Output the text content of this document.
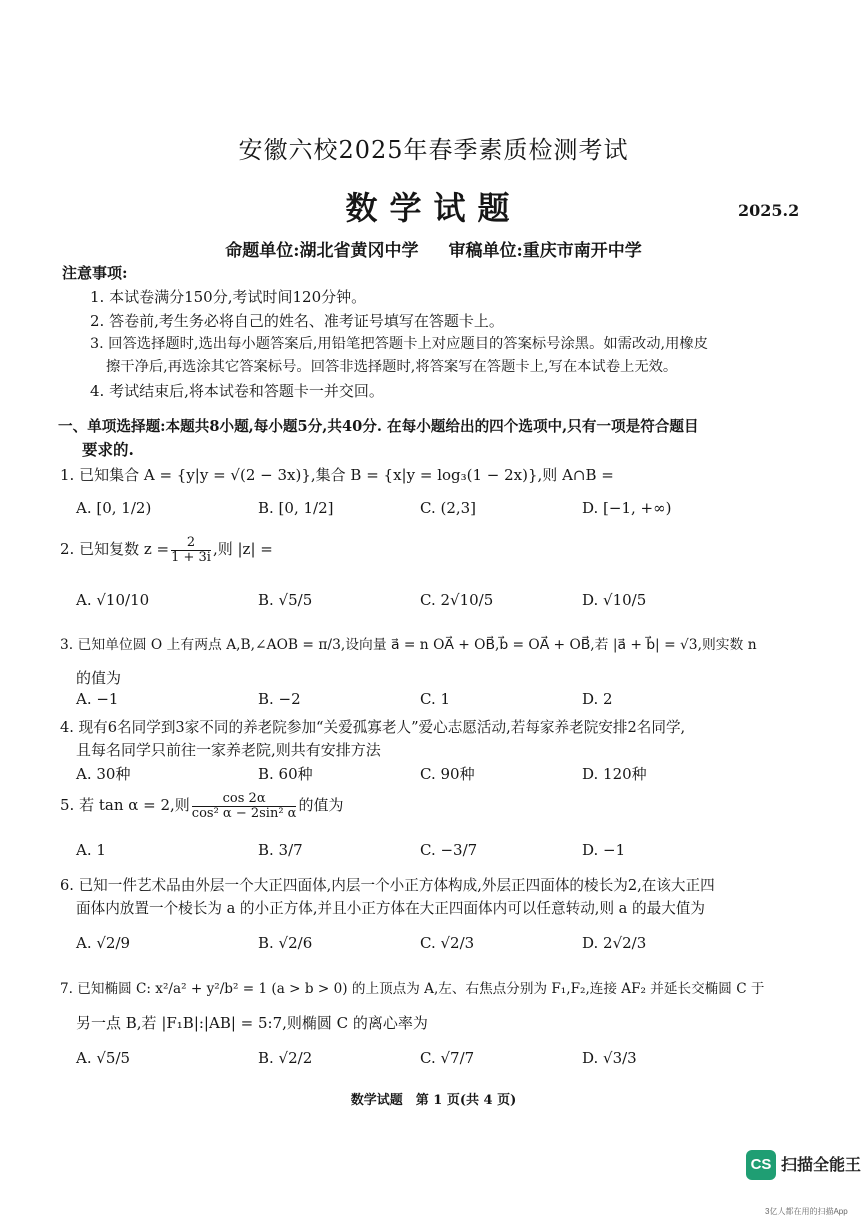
安徽六校2025年春季素质检测考试
数学试题	2025.2
命题单位:湖北省黄冈中学 审稿单位:重庆市南开中学
注意事项:
1. 本试卷满分150分,考试时间120分钟。
2. 答卷前,考生务必将自己的姓名、准考证号填写在答题卡上。
3. 回答选择题时,选出每小题答案后,用铅笔把答题卡上对应题目的答案标号涂黑。如需改动,用橡皮
擦干净后,再选涂其它答案标号。回答非选择题时,将答案写在答题卡上,写在本试卷上无效。
4. 考试结束后,将本试卷和答题卡一并交回。
一、单项选择题:本题共8小题,每小题5分,共40分. 在每小题给出的四个选项中,只有一项是符合题目
要求的.
1. 已知集合 A = {y|y = √(2 − 3x)},集合 B = {x|y = log₃(1 − 2x)},则 A∩B =
A. [0, 1/2)	B. [0, 1/2]	C. (2,3]	D. [−1, +∞)
2. 已知复数 $z = \frac{2}{1 + 3i}$ ,则 |z| =
A. √10/10	B. √5/5	C. 2√10/5	D. √10/5
3. 已知单位圆 O 上有两点 A,B,∠AOB = π/3,设向量 a⃗ = n OA⃗ + OB⃗,b⃗ = OA⃗ + OB⃗,若 |a⃗ + b⃗| = √3,则实数 n
的值为
A. −1	B. −2	C. 1	D. 2
4. 现有6名同学到3家不同的养老院参加“关爱孤寡老人”爱心志愿活动,若每家养老院安排2名同学,
且每名同学只前往一家养老院,则共有安排方法
A. 30种	B. 60种	C. 90种	D. 120种
5. 若 tan α = 2,则 $\frac{\cos 2\alpha}{\text{cos² α − 2sin² α}}$ 的值为
A. 1	B. 3/7	C. −3/7	D. −1
6. 已知一件艺术品由外层一个大正四面体,内层一个小正方体构成,外层正四面体的棱长为2,在该大正四
面体内放置一个棱长为 a 的小正方体,并且小正方体在大正四面体内可以任意转动,则 a 的最大值为
A. √2/9	B. √2/6	C. √2/3	D. 2√2/3
7. 已知椭圆 C: x²/a² + y²/b² = 1 (a > b > 0) 的上顶点为 A,左、右焦点分别为 F₁,F₂,连接 AF₂ 并延长交椭圆 C 于
另一点 B,若 |F₁B|:|AB| = 5:7,则椭圆 C 的离心率为
A. √5/5	B. √2/2	C. √7/7	D. √3/3
数学试题　第 1 页(共 4 页)
CS 扫描全能王
3亿人都在用的扫描App
